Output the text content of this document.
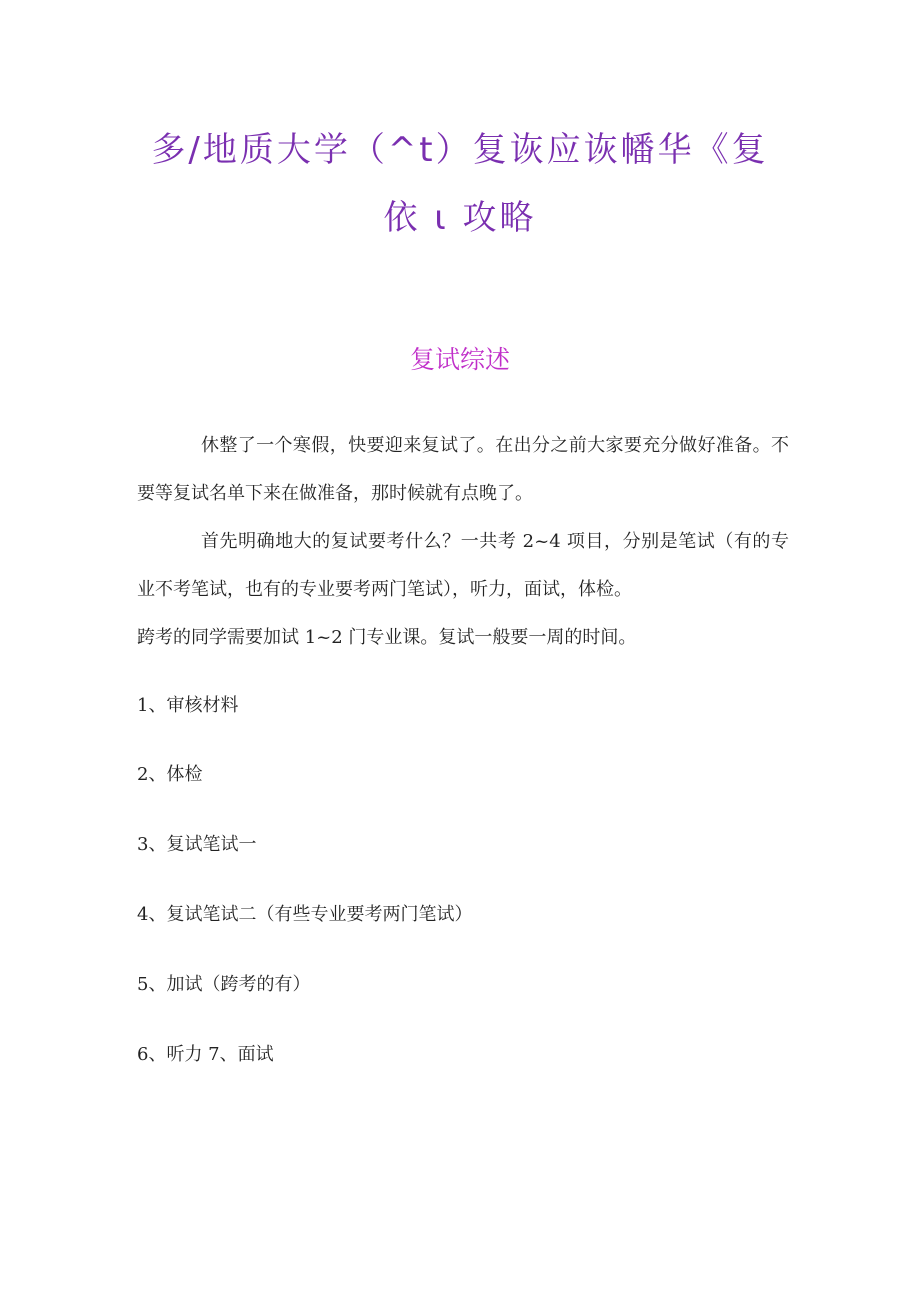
多/地质大学（^t）复诙应诙幡华《复
依 ι 攻略
复试综述

休整了一个寒假，快要迎来复试了。在出分之前大家要充分做好准备。不要等复试名单下来在做准备，那时候就有点晚了。

首先明确地大的复试要考什么？一共考 2~4 项目，分别是笔试（有的专业不考笔试，也有的专业要考两门笔试），听力，面试，体检。

跨考的同学需要加试 1~2 门专业课。复试一般要一周的时间。

1、审核材料

2、体检

3、复试笔试一

4、复试笔试二（有些专业要考两门笔试）

5、加试（跨考的有）

6、听力 7、面试
